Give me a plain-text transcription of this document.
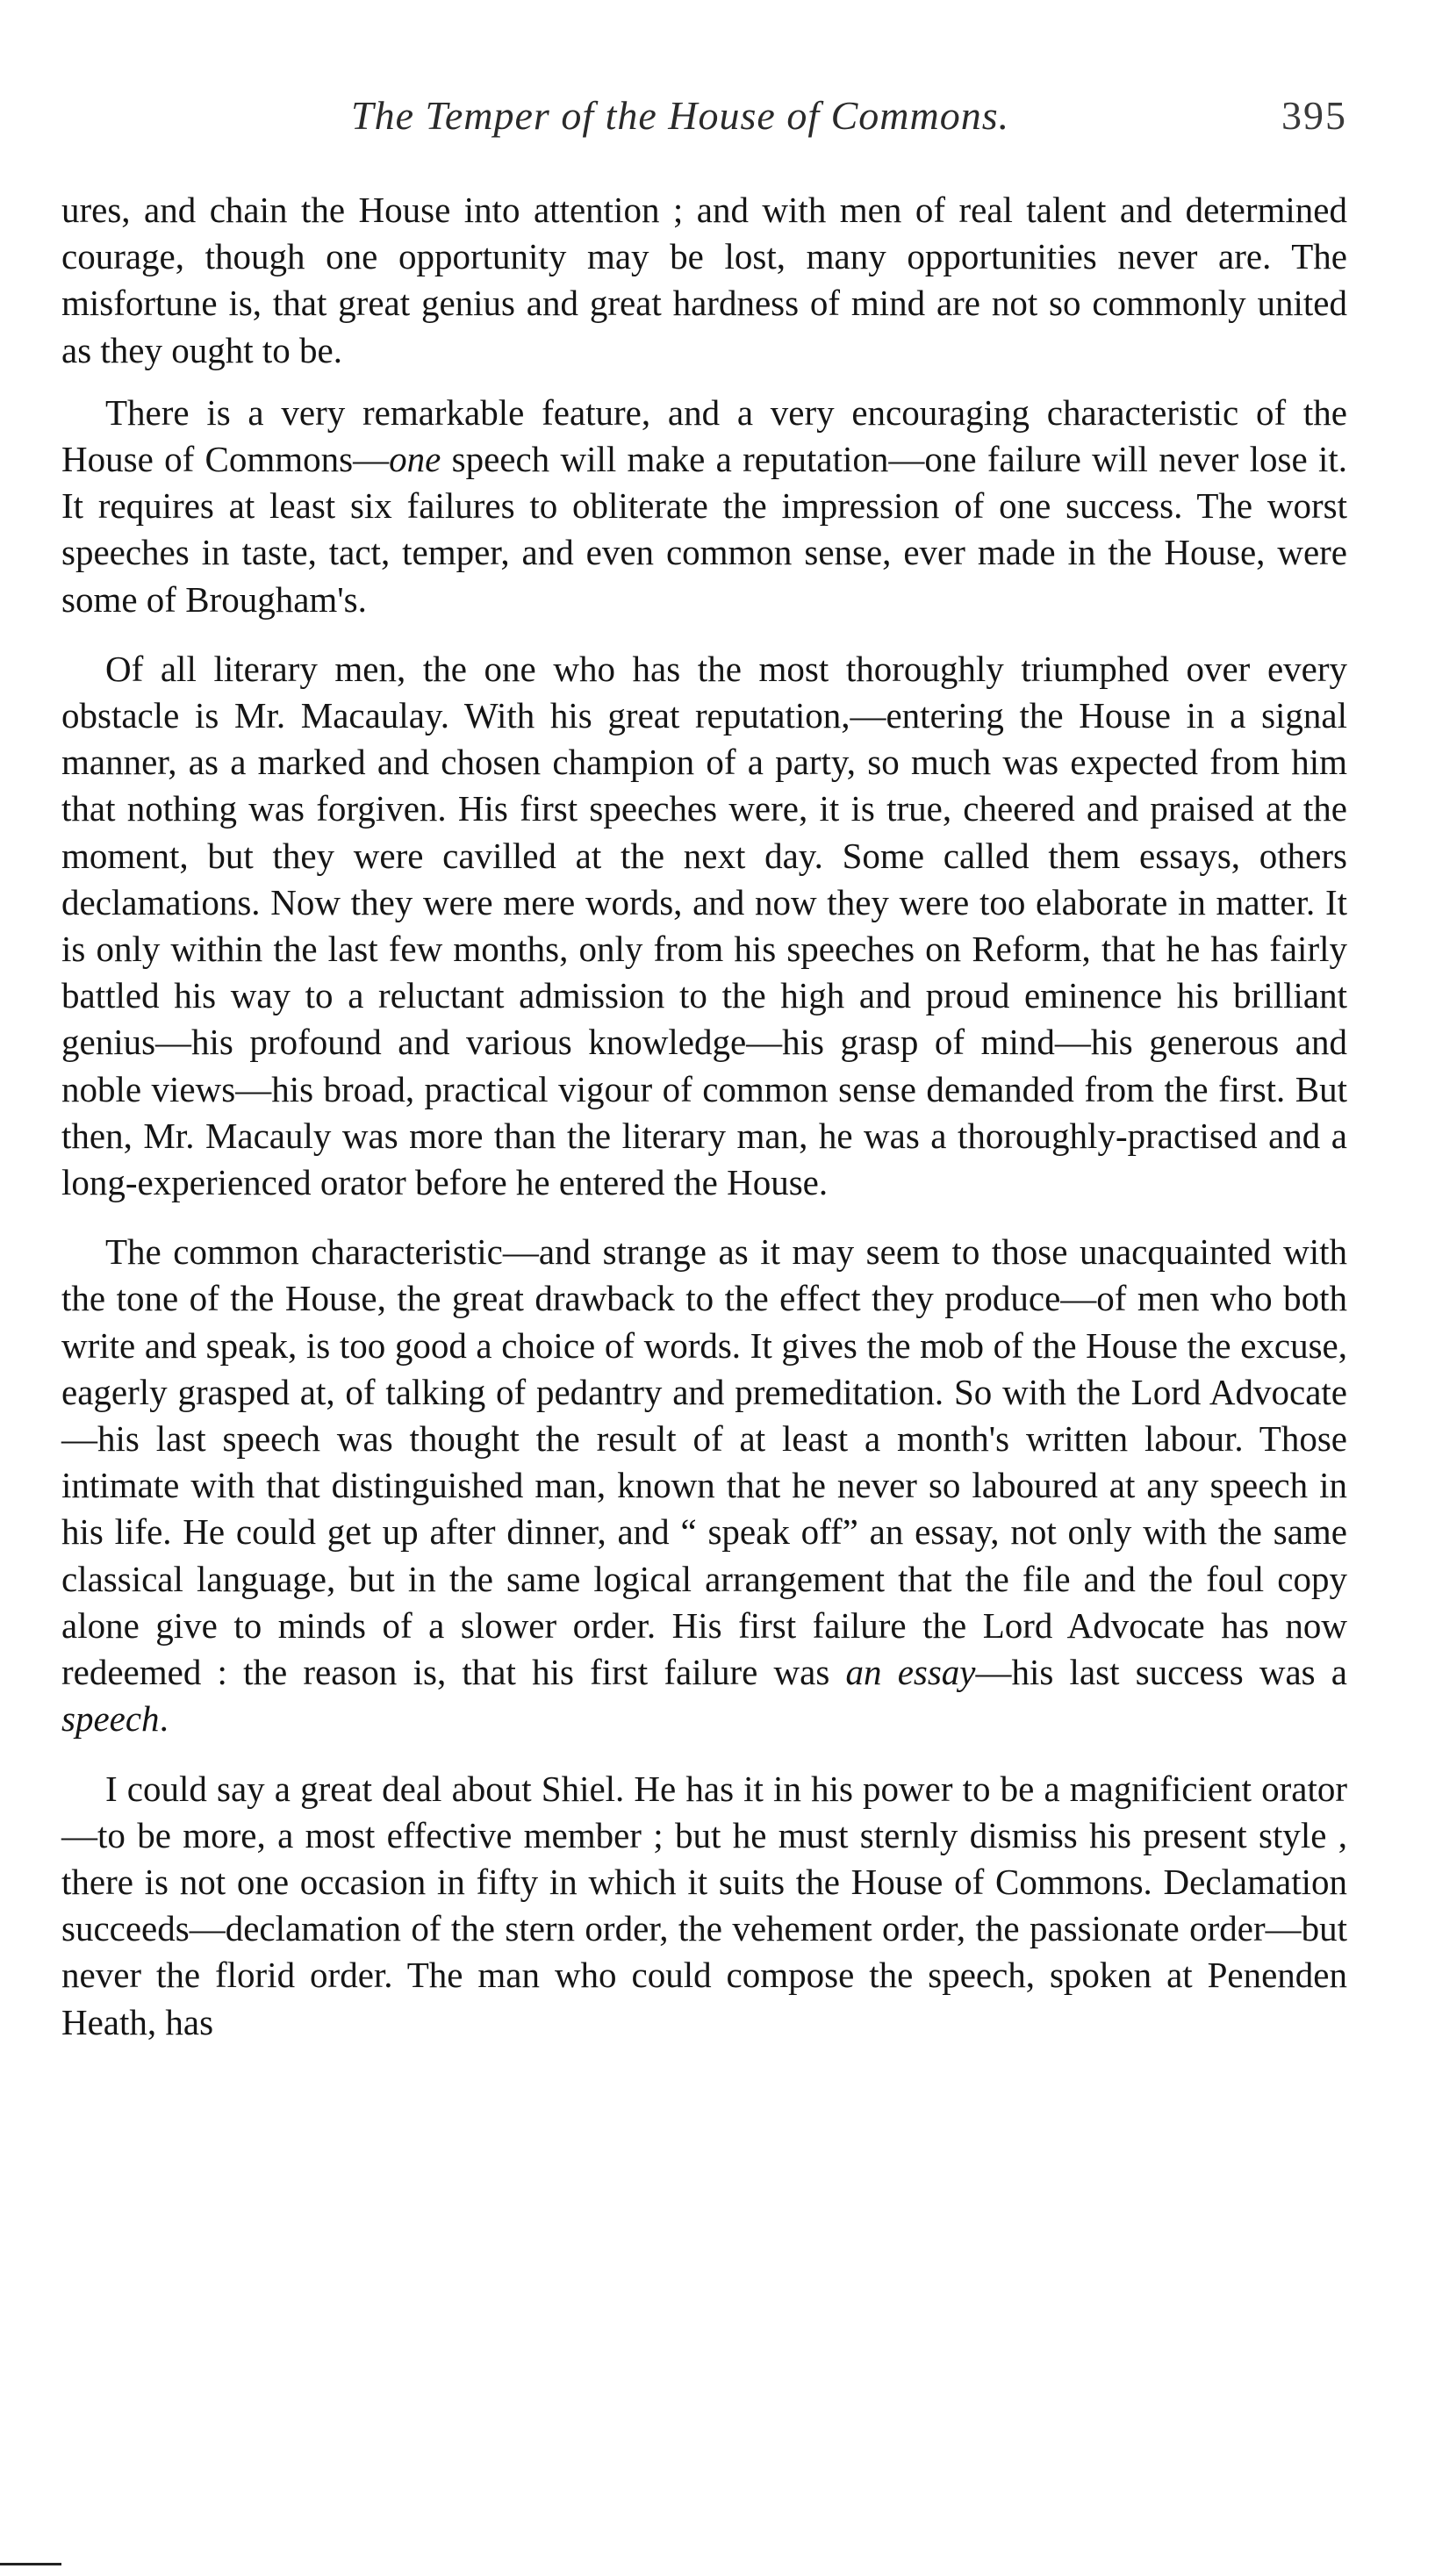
The Temper of the House of Commons.	395

ures, and chain the House into attention ; and with men of real talent and determined courage, though one opportunity may be lost, many opportunities never are. The misfortune is, that great genius and great hardness of mind are not so commonly united as they ought to be.

There is a very remarkable feature, and a very encouraging characteristic of the House of Commons—one speech will make a reputation—one failure will never lose it. It requires at least six failures to obliterate the impression of one success. The worst speeches in taste, tact, temper, and even common sense, ever made in the House, were some of Brougham's.

Of all literary men, the one who has the most thoroughly triumphed over every obstacle is Mr. Macaulay. With his great reputation,—entering the House in a signal manner, as a marked and chosen champion of a party, so much was expected from him that nothing was forgiven. His first speeches were, it is true, cheered and praised at the moment, but they were cavilled at the next day. Some called them essays, others declamations. Now they were mere words, and now they were too elaborate in matter. It is only within the last few months, only from his speeches on Reform, that he has fairly battled his way to a reluctant admission to the high and proud eminence his brilliant genius—his profound and various knowledge—his grasp of mind—his generous and noble views—his broad, practical vigour of common sense demanded from the first. But then, Mr. Macauly was more than the literary man, he was a thoroughly-practised and a long-experienced orator before he entered the House.

The common characteristic—and strange as it may seem to those unacquainted with the tone of the House, the great drawback to the effect they produce—of men who both write and speak, is too good a choice of words. It gives the mob of the House the excuse, eagerly grasped at, of talking of pedantry and premeditation. So with the Lord Advocate—his last speech was thought the result of at least a month's written labour. Those intimate with that distinguished man, known that he never so laboured at any speech in his life. He could get up after dinner, and “ speak off” an essay, not only with the same classical language, but in the same logical arrangement that the file and the foul copy alone give to minds of a slower order. His first failure the Lord Advocate has now redeemed : the reason is, that his first failure was an essay—his last success was a speech.

I could say a great deal about Shiel. He has it in his power to be a magnificient orator—to be more, a most effective member ; but he must sternly dismiss his present style , there is not one occasion in fifty in which it suits the House of Commons. Declamation succeeds—declamation of the stern order, the vehement order, the passionate order—but never the florid order. The man who could compose the speech, spoken at Penenden Heath, has
